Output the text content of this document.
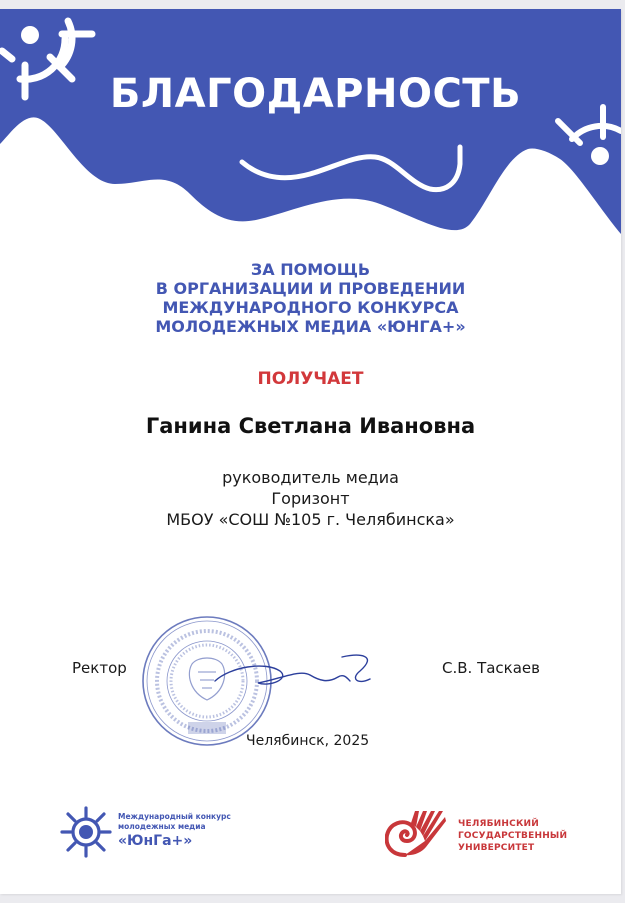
БЛАГОДАРНОСТЬ
ЗА ПОМОЩЬ
В ОРГАНИЗАЦИИ И ПРОВЕДЕНИИ
МЕЖДУНАРОДНОГО КОНКУРСА
МОЛОДЕЖНЫХ МЕДИА «ЮНГА+»
ПОЛУЧАЕТ
Ганина Светлана Ивановна
руководитель медиа
Горизонт
МБОУ «СОШ №105 г. Челябинска»
Ректор	С.В. Таскаев
Челябинск, 2025
Международный конкурс
молодежных медиа
«ЮнГа+»
ЧЕЛЯБИНСКИЙ
ГОСУДАРСТВЕННЫЙ
УНИВЕРСИТЕТ
